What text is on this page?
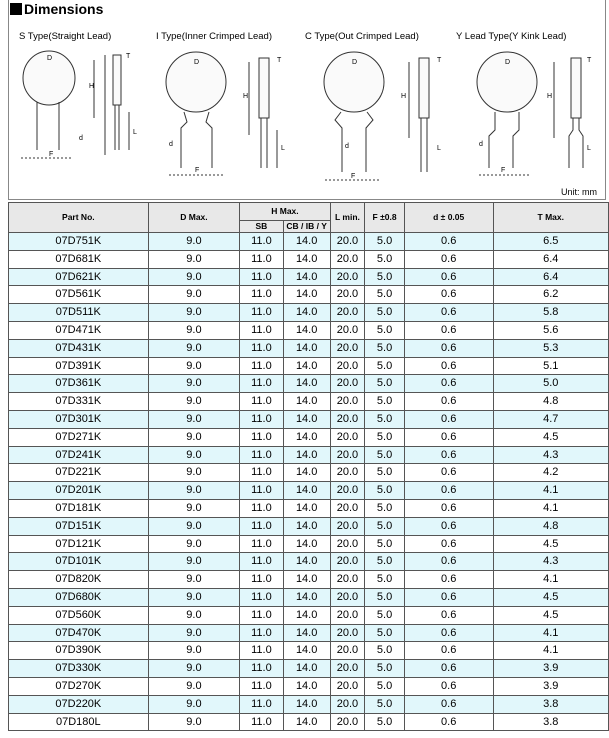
Dimensions
S Type(Straight Lead)	I Type(Inner Crimped Lead)	C Type(Out Crimped Lead)	Y Lead Type(Y Kink Lead)
D	T
H
L
F
d
D	T
H
L
F
d
D	T
H
L
F
d
D	T
H
L
F
d
Unit: mm
Part No.	D Max.	H Max.		L min.	F ±0.8	d ± 0.05	T Max.
		SB	CB / IB / Y				
07D751K	9.0	11.0	14.0	20.0	5.0	0.6	6.5
07D681K	9.0	11.0	14.0	20.0	5.0	0.6	6.4
07D621K	9.0	11.0	14.0	20.0	5.0	0.6	6.4
07D561K	9.0	11.0	14.0	20.0	5.0	0.6	6.2
07D511K	9.0	11.0	14.0	20.0	5.0	0.6	5.8
07D471K	9.0	11.0	14.0	20.0	5.0	0.6	5.6
07D431K	9.0	11.0	14.0	20.0	5.0	0.6	5.3
07D391K	9.0	11.0	14.0	20.0	5.0	0.6	5.1
07D361K	9.0	11.0	14.0	20.0	5.0	0.6	5.0
07D331K	9.0	11.0	14.0	20.0	5.0	0.6	4.8
07D301K	9.0	11.0	14.0	20.0	5.0	0.6	4.7
07D271K	9.0	11.0	14.0	20.0	5.0	0.6	4.5
07D241K	9.0	11.0	14.0	20.0	5.0	0.6	4.3
07D221K	9.0	11.0	14.0	20.0	5.0	0.6	4.2
07D201K	9.0	11.0	14.0	20.0	5.0	0.6	4.1
07D181K	9.0	11.0	14.0	20.0	5.0	0.6	4.1
07D151K	9.0	11.0	14.0	20.0	5.0	0.6	4.8
07D121K	9.0	11.0	14.0	20.0	5.0	0.6	4.5
07D101K	9.0	11.0	14.0	20.0	5.0	0.6	4.3
07D820K	9.0	11.0	14.0	20.0	5.0	0.6	4.1
07D680K	9.0	11.0	14.0	20.0	5.0	0.6	4.5
07D560K	9.0	11.0	14.0	20.0	5.0	0.6	4.5
07D470K	9.0	11.0	14.0	20.0	5.0	0.6	4.1
07D390K	9.0	11.0	14.0	20.0	5.0	0.6	4.1
07D330K	9.0	11.0	14.0	20.0	5.0	0.6	3.9
07D270K	9.0	11.0	14.0	20.0	5.0	0.6	3.9
07D220K	9.0	11.0	14.0	20.0	5.0	0.6	3.8
07D180L	9.0	11.0	14.0	20.0	5.0	0.6	3.8
